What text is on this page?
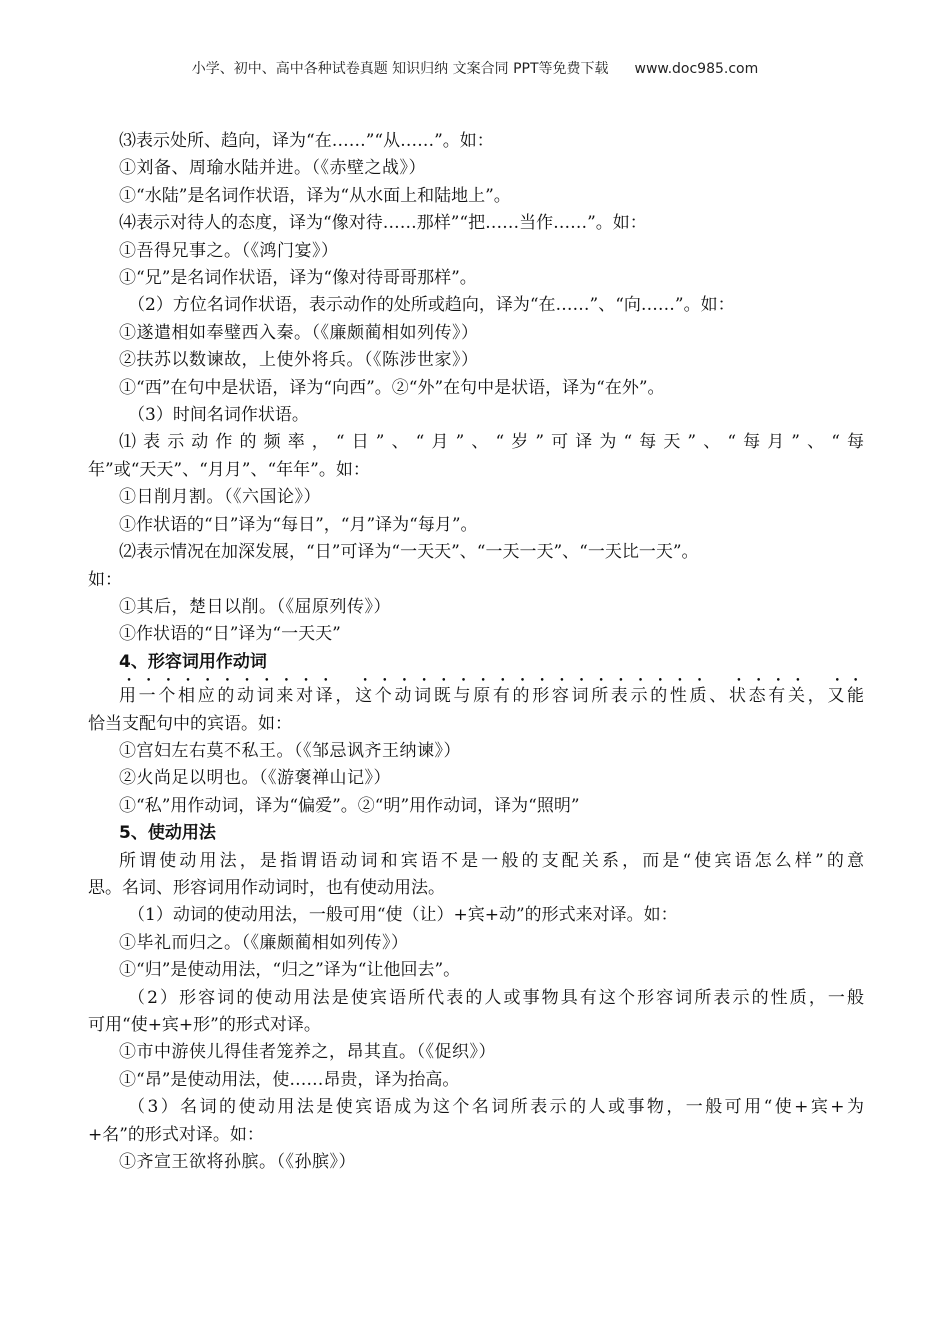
小学、初中、高中各种试卷真题 知识归纳 文案合同 PPT等免费下载 www.doc985.com
⑶表示处所、趋向，译为“在……”“从……”。如：
①刘备、周瑜水陆并进。（《赤壁之战》）
①“水陆”是名词作状语，译为“从水面上和陆地上”。
⑷表示对待人的态度，译为“像对待……那样”“把……当作……”。如：
①吾得兄事之。（《鸿门宴》）
①“兄”是名词作状语，译为“像对待哥哥那样”。
（2）方位名词作状语，表示动作的处所或趋向，译为“在……”、“向……”。如：
①遂遣相如奉璧西入秦。（《廉颇蔺相如列传》）
②扶苏以数谏故，上使外将兵。（《陈涉世家》）
①“西”在句中是状语，译为“向西”。②“外”在句中是状语，译为“在外”。
（3）时间名词作状语。
⑴表示动作的频率，“日”、“月”、“岁”可译为“每天”、“每月”、“每
年”或“天天”、“月月”、“年年”。如：
①日削月割。（《六国论》）
①作状语的“日”译为“每日”，“月”译为“每月”。
⑵表示情况在加深发展，“日”可译为“一天天”、“一天一天”、“一天比一天”。
如：
①其后，楚日以削。（《屈原列传》）
①作状语的“日”译为“一天天”
4、形容词用作动词
用一个相应的动词来对译，这个动词既与原有的形容词所表示的性质、状态有关，又能
恰当支配句中的宾语。如：
①宫妇左右莫不私王。（《邹忌讽齐王纳谏》）
②火尚足以明也。（《游褒禅山记》）
①“私”用作动词，译为“偏爱”。②“明”用作动词，译为“照明”
5、使动用法
所谓使动用法，是指谓语动词和宾语不是一般的支配关系，而是“使宾语怎么样”的意
思。名词、形容词用作动词时，也有使动用法。
（1）动词的使动用法，一般可用“使（让）+宾+动”的形式来对译。如：
①毕礼而归之。（《廉颇蔺相如列传》）
①“归”是使动用法，“归之”译为“让他回去”。
（2）形容词的使动用法是使宾语所代表的人或事物具有这个形容词所表示的性质，一般
可用“使+宾+形”的形式对译。
①市中游侠儿得佳者笼养之，昂其直。（《促织》）
①“昂”是使动用法，使……昂贵，译为抬高。
（3）名词的使动用法是使宾语成为这个名词所表示的人或事物，一般可用“使+宾+为
+名”的形式对译。如：
①齐宣王欲将孙膑。（《孙膑》）
